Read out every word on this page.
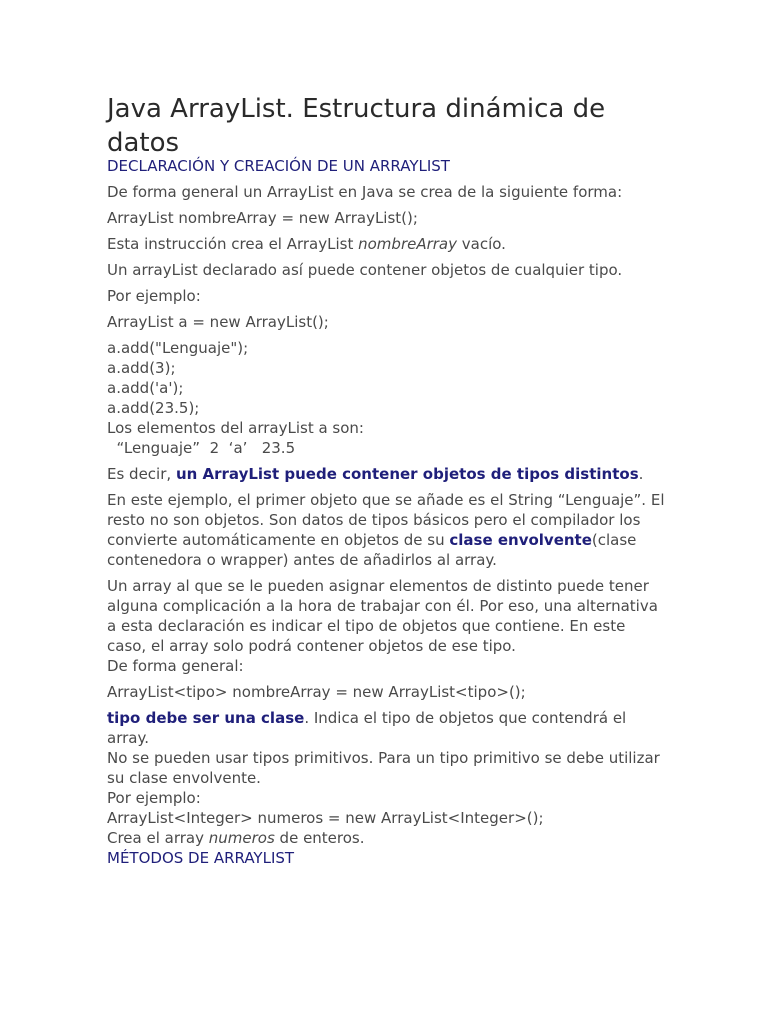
Java ArrayList. Estructura dinámica de datos
DECLARACIÓN Y CREACIÓN DE UN ARRAYLIST

De forma general un ArrayList en Java se crea de la siguiente forma:

ArrayList nombreArray = new ArrayList();

Esta instrucción crea el ArrayList nombreArray vacío.

Un arrayList declarado así puede contener objetos de cualquier tipo.

Por ejemplo:

ArrayList a = new ArrayList();

a.add("Lenguaje");

a.add(3);

a.add('a');

a.add(23.5);

Los elementos del arrayList a son:

“Lenguaje”  2  ‘a’   23.5

Es decir, un ArrayList puede contener objetos de tipos distintos.

En este ejemplo, el primer objeto que se añade es el String “Lenguaje”. El resto no son objetos. Son datos de tipos básicos pero el compilador los convierte automáticamente en objetos de su clase envolvente(clase contenedora o wrapper) antes de añadirlos al array.

Un array al que se le pueden asignar elementos de distinto puede tener alguna complicación a la hora de trabajar con él. Por eso, una alternativa a esta declaración es indicar el tipo de objetos que contiene. En este caso, el array solo podrá contener objetos de ese tipo.

De forma general:

ArrayList<tipo> nombreArray = new ArrayList<tipo>();

tipo debe ser una clase. Indica el tipo de objetos que contendrá el array.

No se pueden usar tipos primitivos. Para un tipo primitivo se debe utilizar su clase envolvente.

Por ejemplo:

ArrayList<Integer> numeros = new ArrayList<Integer>();

Crea el array numeros de enteros.

MÉTODOS DE ARRAYLIST
